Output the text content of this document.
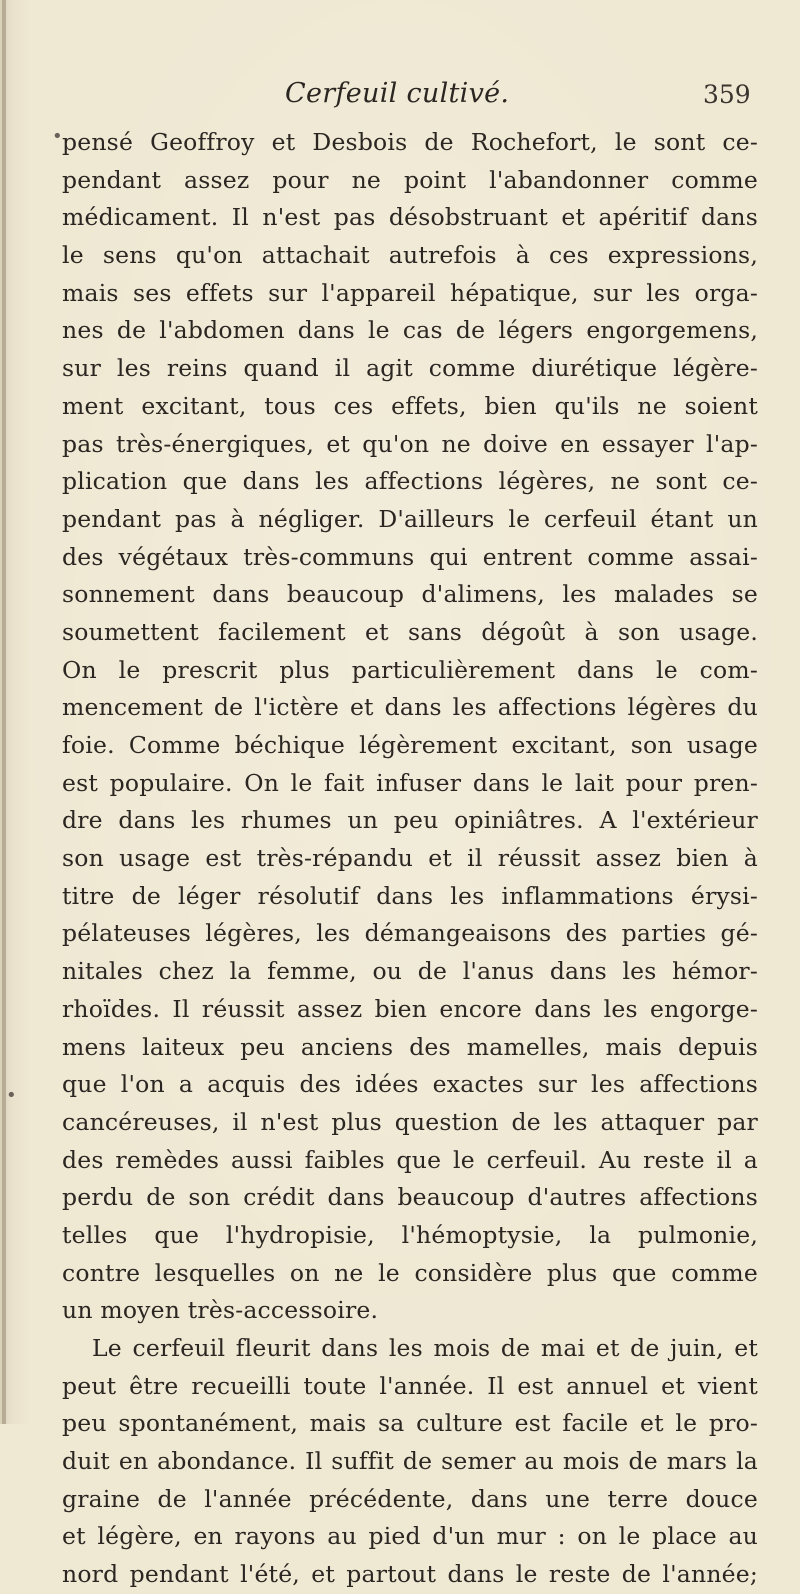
Cerfeuil cultivé.	359
pensé Geoffroy et Desbois de Rochefort, le sont ce-
pendant assez pour ne point l'abandonner comme
médicament. Il n'est pas désobstruant et apéritif dans
le sens qu'on attachait autrefois à ces expressions,
mais ses effets sur l'appareil hépatique, sur les orga-
nes de l'abdomen dans le cas de légers engorgemens,
sur les reins quand il agit comme diurétique légère-
ment excitant, tous ces effets, bien qu'ils ne soient
pas très-énergiques, et qu'on ne doive en essayer l'ap-
plication que dans les affections légères, ne sont ce-
pendant pas à négliger. D'ailleurs le cerfeuil étant un
des végétaux très-communs qui entrent comme assai-
sonnement dans beaucoup d'alimens, les malades se
soumettent facilement et sans dégoût à son usage.
On le prescrit plus particulièrement dans le com-
mencement de l'ictère et dans les affections légères du
foie. Comme béchique légèrement excitant, son usage
est populaire. On le fait infuser dans le lait pour pren-
dre dans les rhumes un peu opiniâtres. A l'extérieur
son usage est très-répandu et il réussit assez bien à
titre de léger résolutif dans les inflammations érysi-
pélateuses légères, les démangeaisons des parties gé-
nitales chez la femme, ou de l'anus dans les hémor-
rhoïdes. Il réussit assez bien encore dans les engorge-
mens laiteux peu anciens des mamelles, mais depuis
que l'on a acquis des idées exactes sur les affections
cancéreuses, il n'est plus question de les attaquer par
des remèdes aussi faibles que le cerfeuil. Au reste il a
perdu de son crédit dans beaucoup d'autres affections
telles que l'hydropisie, l'hémoptysie, la pulmonie,
contre lesquelles on ne le considère plus que comme
un moyen très-accessoire.
Le cerfeuil fleurit dans les mois de mai et de juin, et
peut être recueilli toute l'année. Il est annuel et vient
peu spontanément, mais sa culture est facile et le pro-
duit en abondance. Il suffit de semer au mois de mars la
graine de l'année précédente, dans une terre douce
et légère, en rayons au pied d'un mur : on le place au
nord pendant l'été, et partout dans le reste de l'année;
•
•
